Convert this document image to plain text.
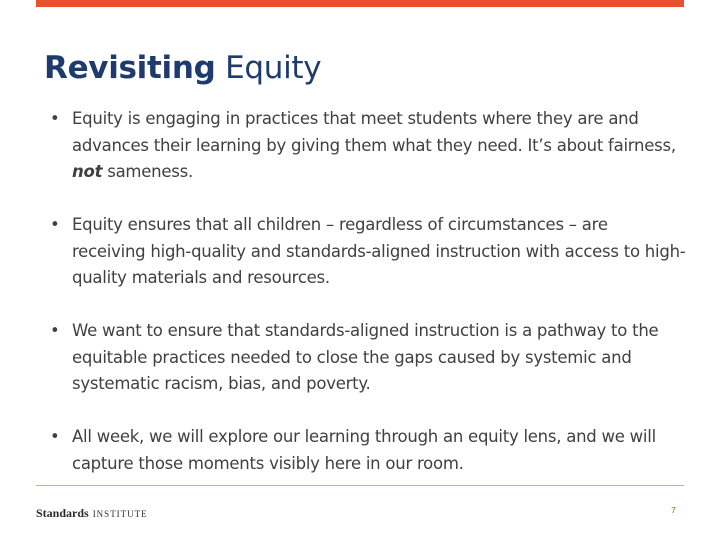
Revisiting Equity
• Equity is engaging in practices that meet students where they are and advances their learning by giving them what they need. It’s about fairness, not sameness.
• Equity ensures that all children – regardless of circumstances – are receiving high-quality and standards-aligned instruction with access to high-quality materials and resources.
• We want to ensure that standards-aligned instruction is a pathway to the equitable practices needed to close the gaps caused by systemic and systematic racism, bias, and poverty.
• All week, we will explore our learning through an equity lens, and we will capture those moments visibly here in our room.
Standards INSTITUTE	7
